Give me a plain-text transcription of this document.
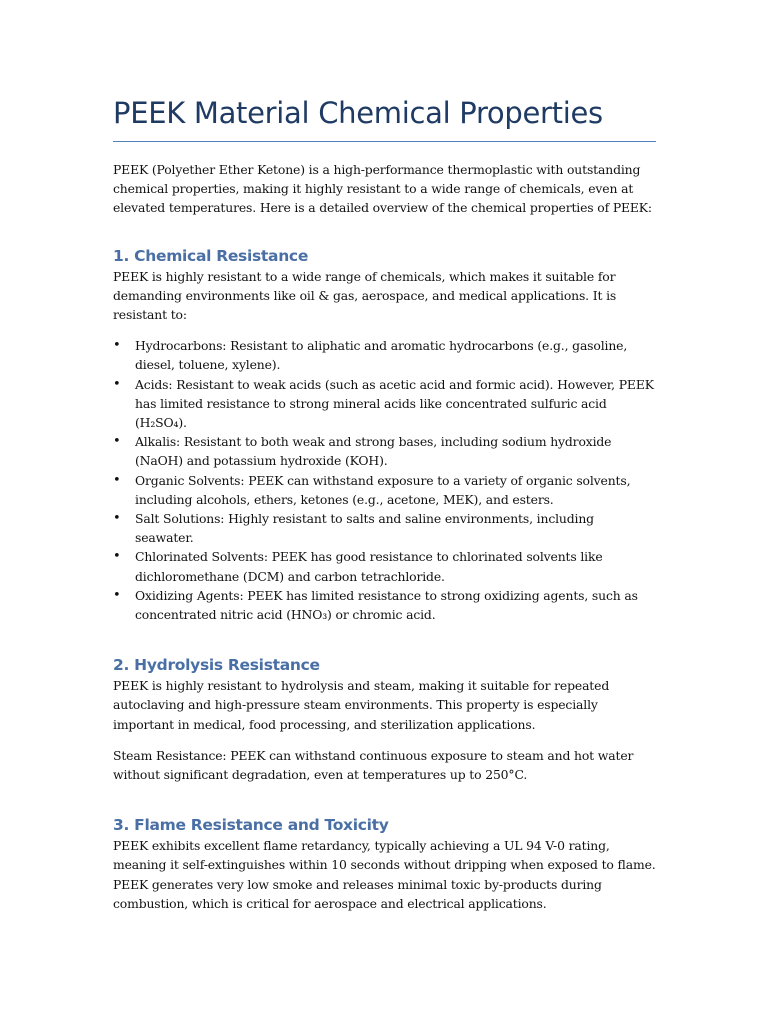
PEEK Material Chemical Properties

PEEK (Polyether Ether Ketone) is a high-performance thermoplastic with outstanding chemical properties, making it highly resistant to a wide range of chemicals, even at elevated temperatures. Here is a detailed overview of the chemical properties of PEEK:

1. Chemical Resistance

PEEK is highly resistant to a wide range of chemicals, which makes it suitable for demanding environments like oil & gas, aerospace, and medical applications. It is resistant to:

• Hydrocarbons: Resistant to aliphatic and aromatic hydrocarbons (e.g., gasoline, diesel, toluene, xylene).
• Acids: Resistant to weak acids (such as acetic acid and formic acid). However, PEEK has limited resistance to strong mineral acids like concentrated sulfuric acid (H₂SO₄).
• Alkalis: Resistant to both weak and strong bases, including sodium hydroxide (NaOH) and potassium hydroxide (KOH).
• Organic Solvents: PEEK can withstand exposure to a variety of organic solvents, including alcohols, ethers, ketones (e.g., acetone, MEK), and esters.
• Salt Solutions: Highly resistant to salts and saline environments, including seawater.
• Chlorinated Solvents: PEEK has good resistance to chlorinated solvents like dichloromethane (DCM) and carbon tetrachloride.
• Oxidizing Agents: PEEK has limited resistance to strong oxidizing agents, such as concentrated nitric acid (HNO₃) or chromic acid.
2. Hydrolysis Resistance

PEEK is highly resistant to hydrolysis and steam, making it suitable for repeated autoclaving and high-pressure steam environments. This property is especially important in medical, food processing, and sterilization applications.

Steam Resistance: PEEK can withstand continuous exposure to steam and hot water without significant degradation, even at temperatures up to 250°C.

3. Flame Resistance and Toxicity

PEEK exhibits excellent flame retardancy, typically achieving a UL 94 V-0 rating, meaning it self-extinguishes within 10 seconds without dripping when exposed to flame. PEEK generates very low smoke and releases minimal toxic by-products during combustion, which is critical for aerospace and electrical applications.
